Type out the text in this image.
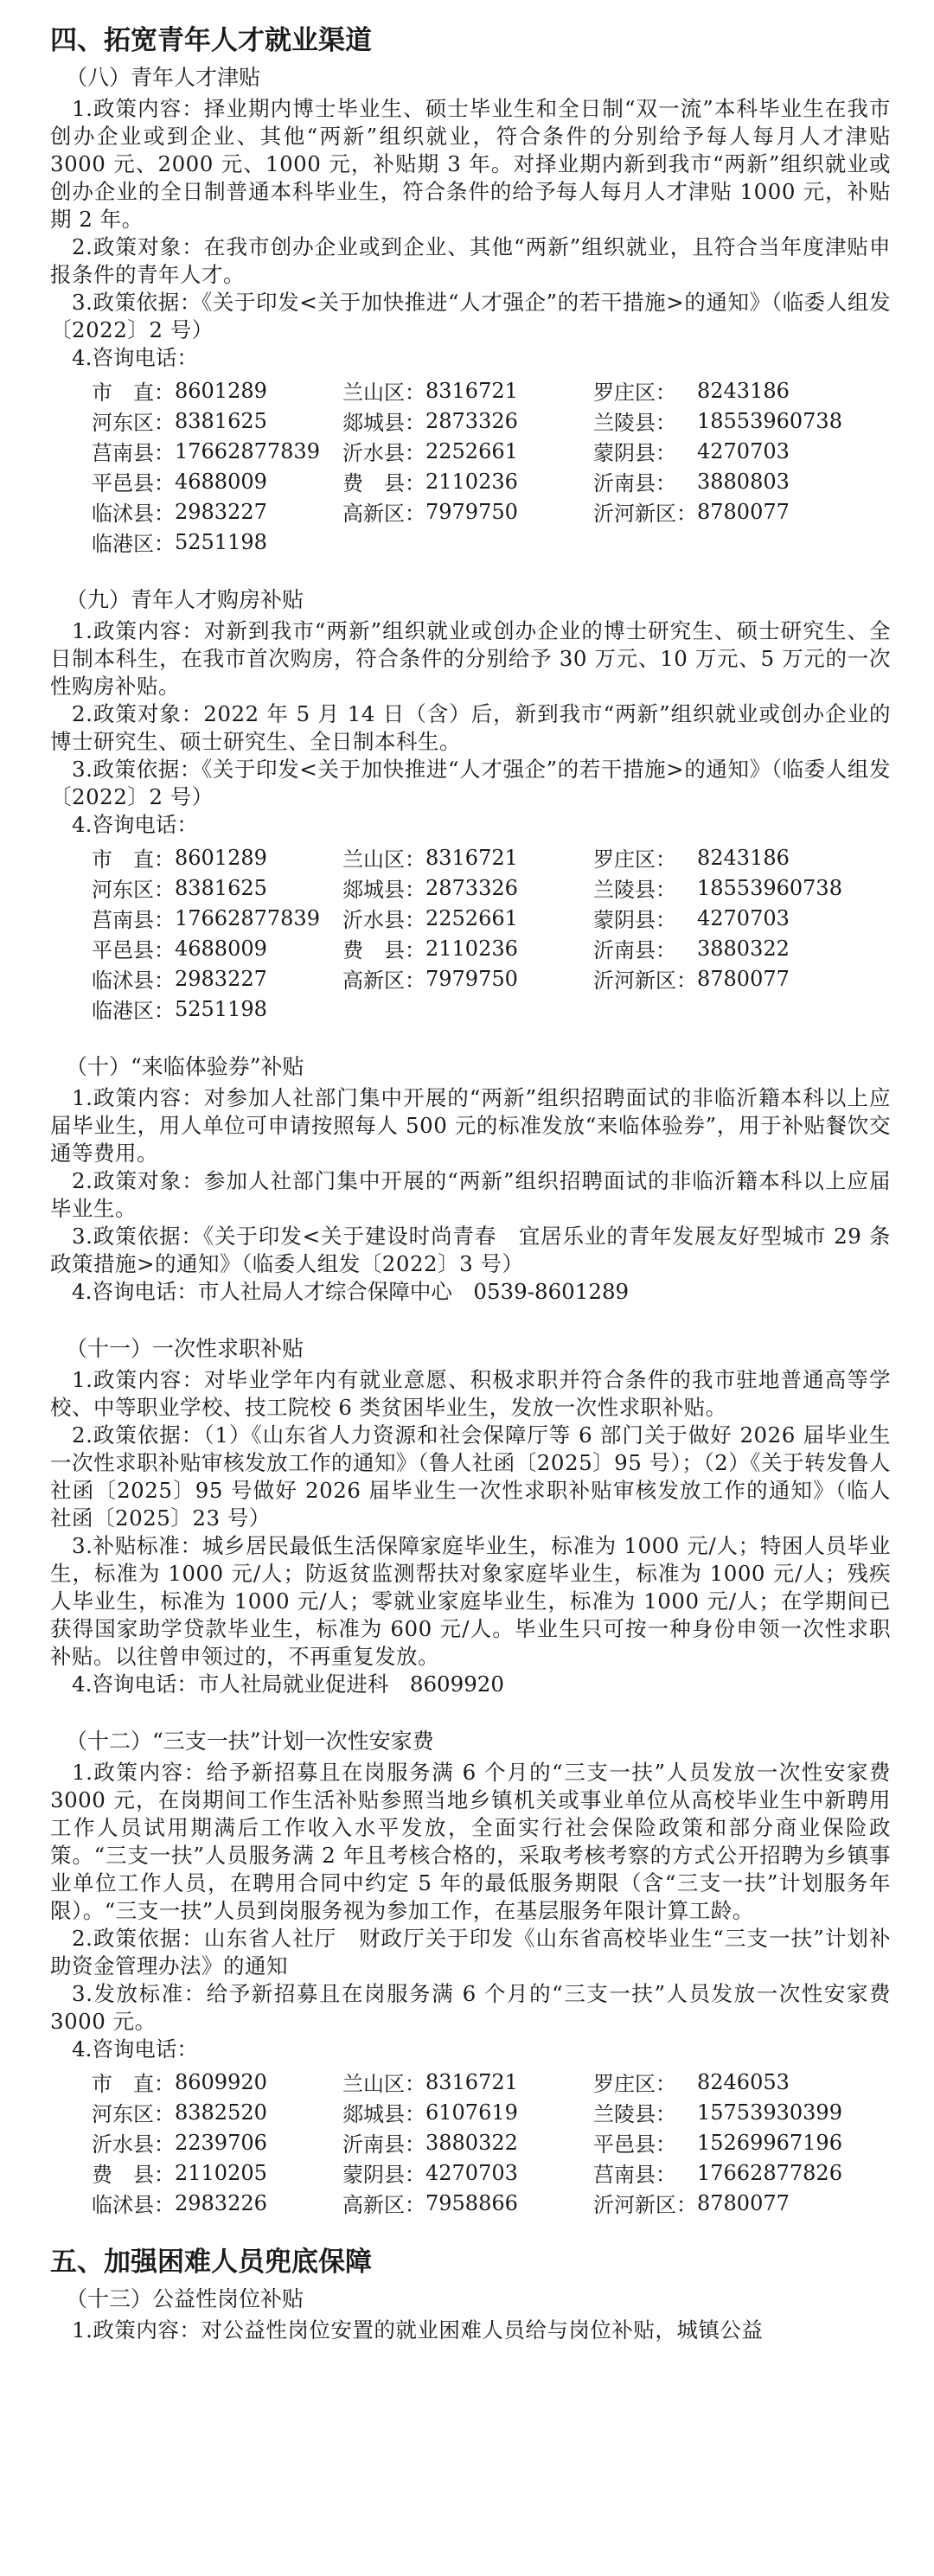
四、拓宽青年人才就业渠道
（八）青年人才津贴

1.政策内容：择业期内博士毕业生、硕士毕业生和全日制“双一流”本科毕业生在我市创办企业或到企业、其他“两新”组织就业，符合条件的分别给予每人每月人才津贴 3000 元、2000 元、1000 元，补贴期 3 年。对择业期内新到我市“两新”组织就业或创办企业的全日制普通本科毕业生，符合条件的给予每人每月人才津贴 1000 元，补贴期 2 年。

2.政策对象：在我市创办企业或到企业、其他“两新”组织就业，且符合当年度津贴申报条件的青年人才。

3.政策依据：《关于印发<关于加快推进“人才强企”的若干措施>的通知》（临委人组发〔2022〕2 号）

4.咨询电话：
市　直：	8601289	兰山区：	8316721	罗庄区：	8243186
河东区：	8381625	郯城县：	2873326	兰陵县：	18553960738
莒南县：	17662877839	沂水县：	2252661	蒙阴县：	4270703
平邑县：	4688009	费　县：	2110236	沂南县：	3880803
临沭县：	2983227	高新区：	7979750	沂河新区：	8780077
临港区：	5251198				
（九）青年人才购房补贴

1.政策内容：对新到我市“两新”组织就业或创办企业的博士研究生、硕士研究生、全日制本科生，在我市首次购房，符合条件的分别给予 30 万元、10 万元、5 万元的一次性购房补贴。

2.政策对象：2022 年 5 月 14 日（含）后，新到我市“两新”组织就业或创办企业的博士研究生、硕士研究生、全日制本科生。

3.政策依据：《关于印发<关于加快推进“人才强企”的若干措施>的通知》（临委人组发〔2022〕2 号）

4.咨询电话：
市　直：	8601289	兰山区：	8316721	罗庄区：	8243186
河东区：	8381625	郯城县：	2873326	兰陵县：	18553960738
莒南县：	17662877839	沂水县：	2252661	蒙阴县：	4270703
平邑县：	4688009	费　县：	2110236	沂南县：	3880322
临沭县：	2983227	高新区：	7979750	沂河新区：	8780077
临港区：	5251198				
（十）“来临体验券”补贴

1.政策内容：对参加人社部门集中开展的“两新”组织招聘面试的非临沂籍本科以上应届毕业生，用人单位可申请按照每人 500 元的标准发放“来临体验券”，用于补贴餐饮交通等费用。

2.政策对象：参加人社部门集中开展的“两新”组织招聘面试的非临沂籍本科以上应届毕业生。

3.政策依据：《关于印发<关于建设时尚青春　宜居乐业的青年发展友好型城市 29 条政策措施>的通知》（临委人组发〔2022〕3 号）

4.咨询电话：市人社局人才综合保障中心　0539-8601289

（十一）一次性求职补贴

1.政策内容：对毕业学年内有就业意愿、积极求职并符合条件的我市驻地普通高等学校、中等职业学校、技工院校 6 类贫困毕业生，发放一次性求职补贴。

2.政策依据：（1）《山东省人力资源和社会保障厅等 6 部门关于做好 2026 届毕业生一次性求职补贴审核发放工作的通知》（鲁人社函〔2025〕95 号）；（2）《关于转发鲁人社函〔2025〕95 号做好 2026 届毕业生一次性求职补贴审核发放工作的通知》（临人社函〔2025〕23 号）

3.补贴标准：城乡居民最低生活保障家庭毕业生，标准为 1000 元/人；特困人员毕业生，标准为 1000 元/人；防返贫监测帮扶对象家庭毕业生，标准为 1000 元/人；残疾人毕业生，标准为 1000 元/人；零就业家庭毕业生，标准为 1000 元/人；在学期间已获得国家助学贷款毕业生，标准为 600 元/人。毕业生只可按一种身份申领一次性求职补贴。以往曾申领过的，不再重复发放。

4.咨询电话：市人社局就业促进科　8609920

（十二）“三支一扶”计划一次性安家费

1.政策内容：给予新招募且在岗服务满 6 个月的“三支一扶”人员发放一次性安家费 3000 元，在岗期间工作生活补贴参照当地乡镇机关或事业单位从高校毕业生中新聘用工作人员试用期满后工作收入水平发放，全面实行社会保险政策和部分商业保险政策。“三支一扶”人员服务满 2 年且考核合格的，采取考核考察的方式公开招聘为乡镇事业单位工作人员，在聘用合同中约定 5 年的最低服务期限（含“三支一扶”计划服务年限）。“三支一扶”人员到岗服务视为参加工作，在基层服务年限计算工龄。

2.政策依据：山东省人社厅　财政厅关于印发《山东省高校毕业生“三支一扶”计划补助资金管理办法》的通知

3.发放标准：给予新招募且在岗服务满 6 个月的“三支一扶”人员发放一次性安家费 3000 元。

4.咨询电话：
市　直：	8609920	兰山区：	8316721	罗庄区：	8246053
河东区：	8382520	郯城县：	6107619	兰陵县：	15753930399
沂水县：	2239706	沂南县：	3880322	平邑县：	15269967196
费　县：	2110205	蒙阴县：	4270703	莒南县：	17662877826
临沭县：	2983226	高新区：	7958866	沂河新区：	8780077
五、加强困难人员兜底保障
（十三）公益性岗位补贴

1.政策内容：对公益性岗位安置的就业困难人员给与岗位补贴，城镇公益
